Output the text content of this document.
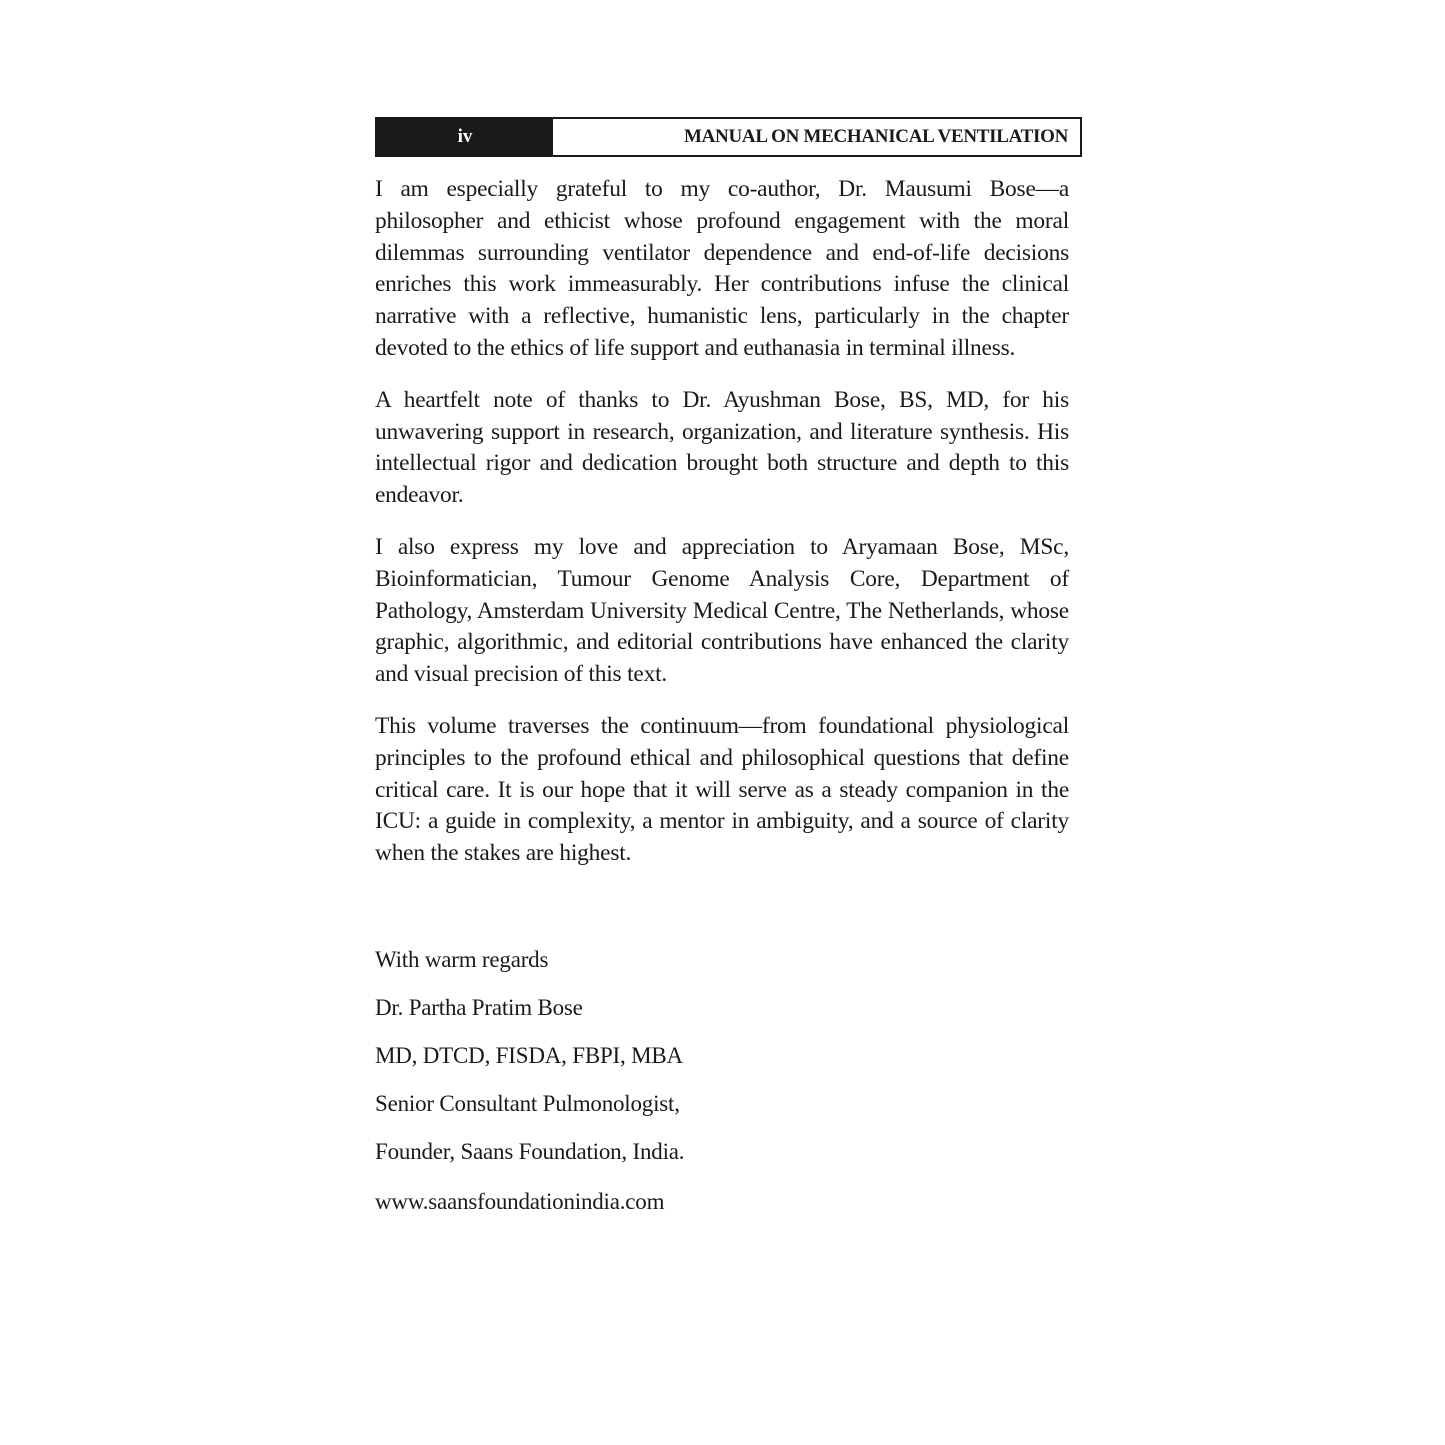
iv	MANUAL ON MECHANICAL VENTILATION

I am especially grateful to my co-author, Dr. Mausumi Bose—a philosopher and ethicist whose profound engagement with the moral dilemmas surrounding ventilator dependence and end-of-life decisions enriches this work immeasurably. Her contributions infuse the clinical narrative with a reflective, humanistic lens, particularly in the chapter devoted to the ethics of life support and euthanasia in terminal illness.

A heartfelt note of thanks to Dr. Ayushman Bose, BS, MD, for his unwavering support in research, organization, and literature synthesis. His intellectual rigor and dedication brought both structure and depth to this endeavor.

I also express my love and appreciation to Aryamaan Bose, MSc, Bioinformatician, Tumour Genome Analysis Core, Department of Pathology, Amsterdam University Medical Centre, The Netherlands, whose graphic, algorithmic, and editorial contributions have enhanced the clarity and visual precision of this text.

This volume traverses the continuum—from foundational physiological principles to the profound ethical and philosophical questions that define critical care. It is our hope that it will serve as a steady companion in the ICU: a guide in complexity, a mentor in ambiguity, and a source of clarity when the stakes are highest.

With warm regards
Dr. Partha Pratim Bose
MD, DTCD, FISDA, FBPI, MBA
Senior Consultant Pulmonologist,
Founder, Saans Foundation, India.
www.saansfoundationindia.com
